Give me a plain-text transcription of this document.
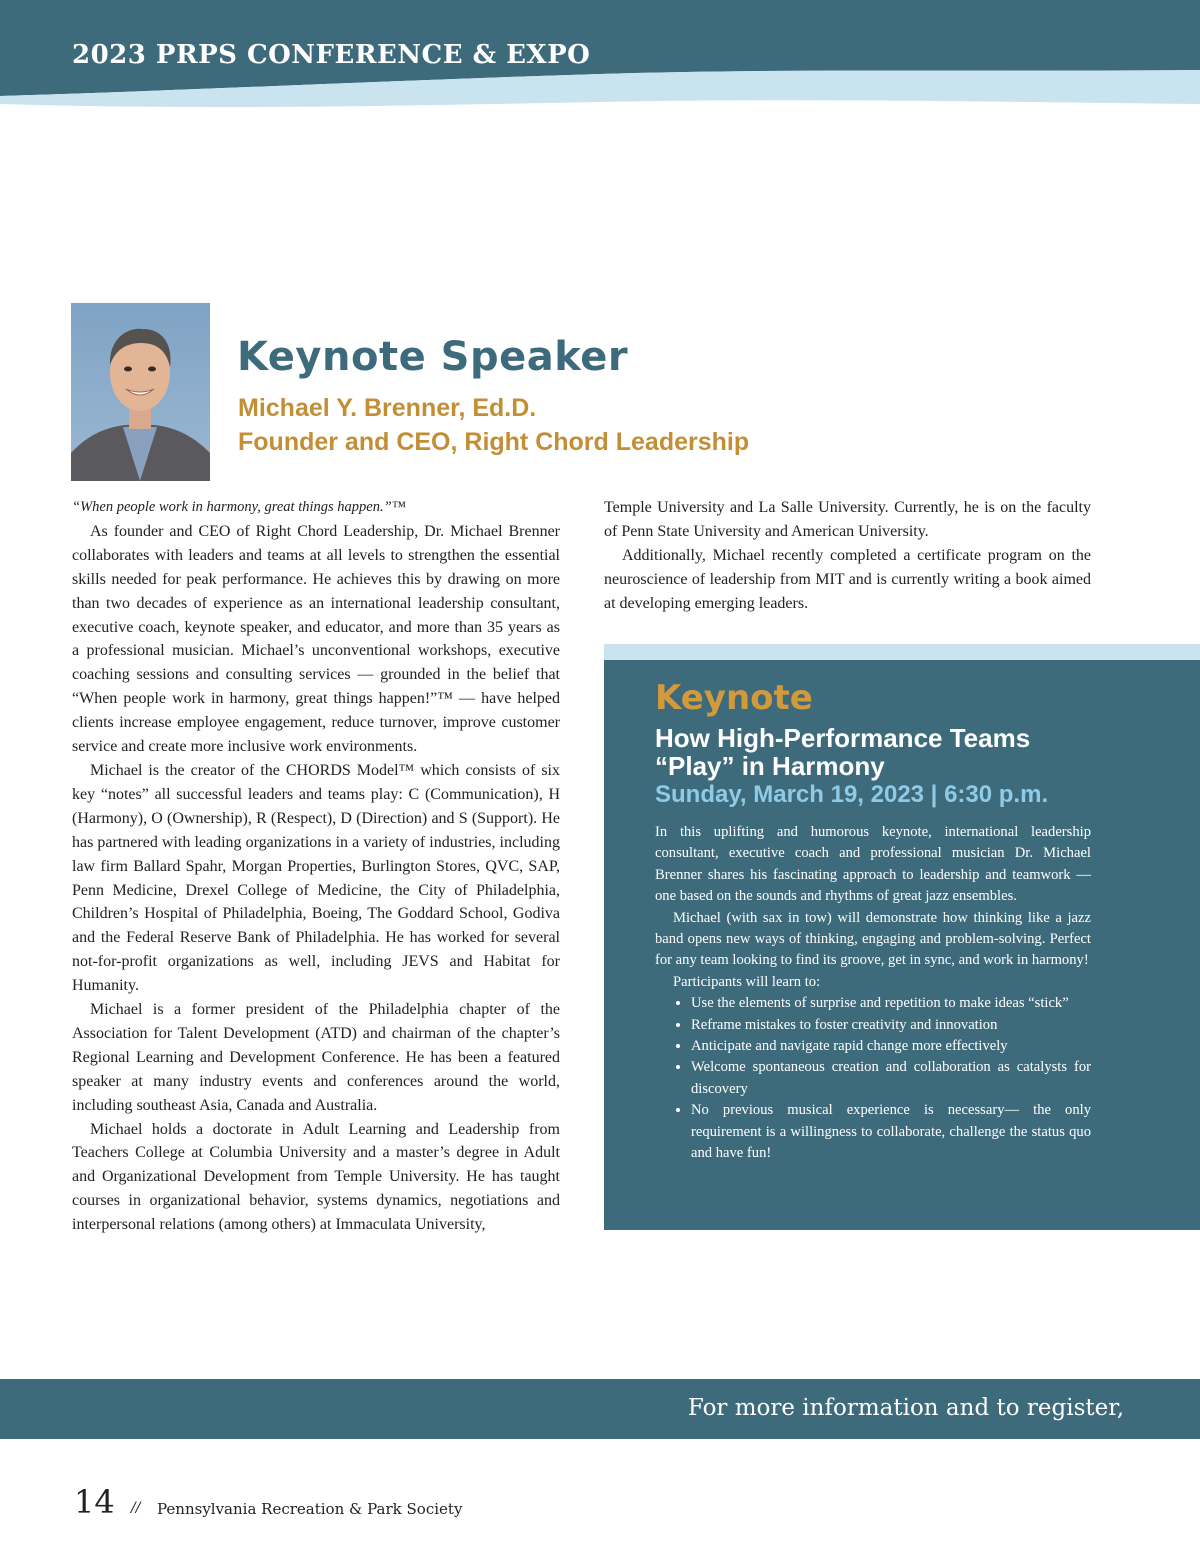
2023 PRPS CONFERENCE & EXPO
Keynote Speaker

Michael Y. Brenner, Ed.D.

Founder and CEO, Right Chord Leadership

“When people work in harmony, great things happen.”™

As founder and CEO of Right Chord Leadership, Dr. Michael Brenner collaborates with leaders and teams at all levels to strengthen the essential skills needed for peak performance. He achieves this by drawing on more than two decades of experience as an international leadership consultant, executive coach, keynote speaker, and educator, and more than 35 years as a professional musician. Michael’s unconventional workshops, executive coaching sessions and consulting services — grounded in the belief that “When people work in harmony, great things happen!”™ — have helped clients increase employee engagement, reduce turnover, improve customer service and create more inclusive work environments.

Michael is the creator of the CHORDS Model™ which consists of six key “notes” all successful leaders and teams play: C (Communication), H (Harmony), O (Ownership), R (Respect), D (Direction) and S (Support). He has partnered with leading organizations in a variety of industries, including law firm Ballard Spahr, Morgan Properties, Burlington Stores, QVC, SAP, Penn Medicine, Drexel College of Medicine, the City of Philadelphia, Children’s Hospital of Philadelphia, Boeing, The Goddard School, Godiva and the Federal Reserve Bank of Philadelphia. He has worked for several not-for-profit organizations as well, including JEVS and Habitat for Humanity.

Michael is a former president of the Philadelphia chapter of the Association for Talent Development (ATD) and chairman of the chapter’s Regional Learning and Development Conference. He has been a featured speaker at many industry events and conferences around the world, including southeast Asia, Canada and Australia.

Michael holds a doctorate in Adult Learning and Leadership from Teachers College at Columbia University and a master’s degree in Adult and Organizational Development from Temple University. He has taught courses in organizational behavior, systems dynamics, negotiations and interpersonal relations (among others) at Immaculata University,

Temple University and La Salle University. Currently, he is on the faculty of Penn State University and American University.

Additionally, Michael recently completed a certificate program on the neuroscience of leadership from MIT and is currently writing a book aimed at developing emerging leaders.

Keynote
How High-Performance Teams “Play” in Harmony

Sunday, March 19, 2023 | 6:30 p.m.

In this uplifting and humorous keynote, international leadership consultant, executive coach and professional musician Dr. Michael Brenner shares his fascinating approach to leadership and teamwork — one based on the sounds and rhythms of great jazz ensembles.

Michael (with sax in tow) will demonstrate how thinking like a jazz band opens new ways of thinking, engaging and problem-solving. Perfect for any team looking to find its groove, get in sync, and work in harmony!

Participants will learn to:

• Use the elements of surprise and repetition to make ideas “stick”
• Reframe mistakes to foster creativity and innovation
• Anticipate and navigate rapid change more effectively
• Welcome spontaneous creation and collaboration as catalysts for discovery
• No previous musical experience is necessary— the only requirement is a willingness to collaborate, challenge the status quo and have fun!

For more information and to register,

14 // Pennsylvania Recreation & Park Society
